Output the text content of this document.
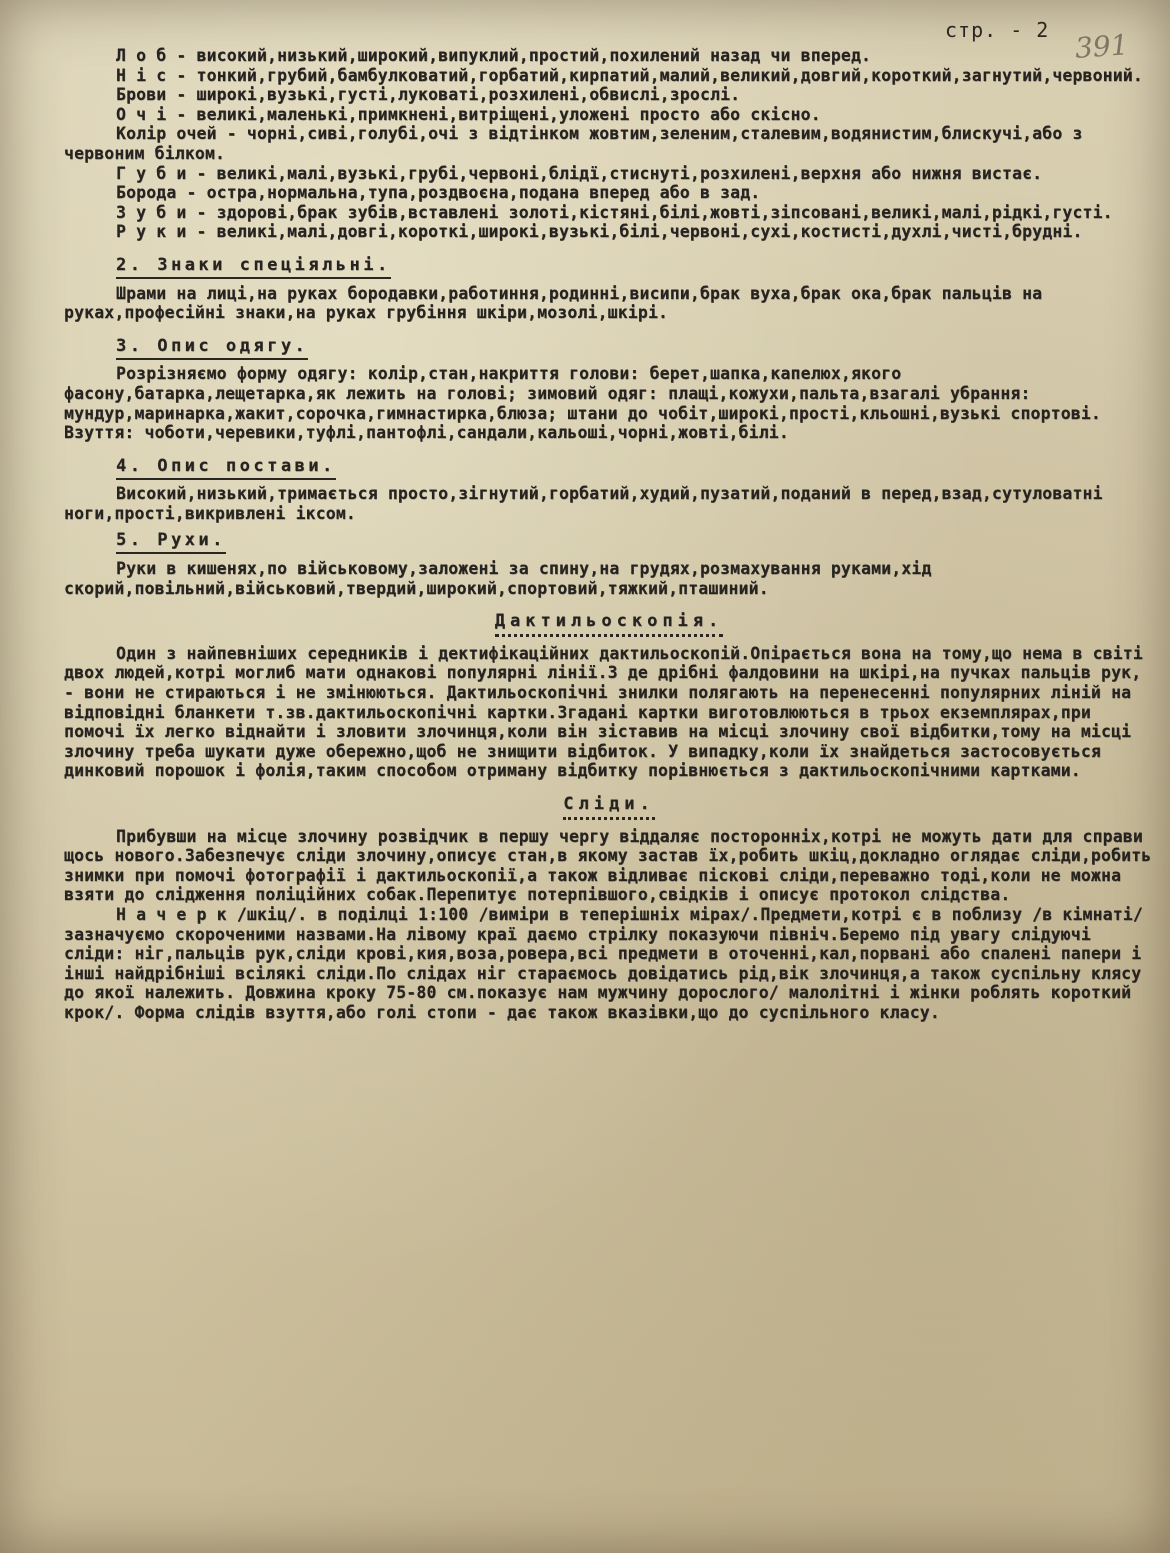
стр. - 2 391

Л о б - високий,низький,широкий,випуклий,простий,похилений назад чи вперед.

Н і с - тонкий,грубий,бамбулковатий,горбатий,кирпатий,малий,великий,довгий,короткий,загнутий,червоний.

Брови - широкі,вузькі,густі,луковаті,розхилені,обвислі,зрослі.

О ч і - великі,маленькі,примкнені,витріщені,уложені просто або скісно.

Колір очей - чорні,сиві,голубі,очі з відтінком жовтим,зеленим,сталевим,водянистим,блискучі,або з червоним білком.

Г у б и - великі,малі,вузькі,грубі,червоні,блідї,стиснуті,розхилені,верхня або нижня вистає.

Борода - остра,нормальна,тупа,роздвоєна,подана вперед або в зад.

З у б и - здорові,брак зубів,вставлені золоті,кістяні,білі,жовті,зіпсовані,великі,малі,рідкі,густі.

Р у к и - великі,малі,довгі,короткі,широкі,вузькі,білі,червоні,сухі,костисті,духлі,чисті,брудні.

2. Знаки спеціяльні.

Шрами на лиці,на руках бородавки,работиння,родинні,висипи,брак вуха,брак ока,брак пальців на руках,професійні знаки,на руках грубіння шкіри,мозолі,шкірі.

3. Опис одягу.

Розрізняємо форму одягу: колір,стан,накриття голови: берет,шапка,капелюх,якого фасону,батарка,лещетарка,як лежить на голові; зимовий одяг: плащі,кожухи,пальта,взагалі убрання: мундур,маринарка,жакит,сорочка,гимнастирка,блюза; штани до чобіт,широкі,прості,кльошні,вузькі спортові. Взуття: чоботи,черевики,туфлі,пантофлі,сандали,кальоші,чорні,жовті,білі.

4. Опис постави.

Високий,низький,тримається просто,зігнутий,горбатий,худий,пузатий,поданий в перед,взад,сутуловатні ноги,прості,викривлені іксом.

5. Рухи.

Руки в кишенях,по військовому,заложені за спину,на грудях,розмахування руками,хід скорий,повільний,військовий,твердий,широкий,спортовий,тяжкий,пташиний.

Дактильоскопія.

Один з найпевніших середників і дектифікаційних дактильоскопій.Опірається вона на тому,що нема в світі двох людей,котрі моглиб мати однакові популярні лінії.З де дрібні фалдовини на шкірі,на пучках пальців рук, - вони не стираються і не змінюються. Дактильоскопічні знилки полягають на перенесенні популярних ліній на відповідні бланкети т.зв.дактильоскопічні картки.Згадані картки виготовлюються в трьох екземплярах,при помочі їх легко віднайти і зловити злочинця,коли він зіставив на місці злочину свої відбитки,тому на місці злочину треба шукати дуже обережно,щоб не знищити відбиток. У випадку,коли їх знайдеться застосовується динковий порошок і фолія,таким способом отриману відбитку порівнюється з дактильоскопічними картками.

Сліди.

Прибувши на місце злочину розвідчик в першу чергу віддаляє посторонніх,котрі не можуть дати для справи щось нового.Забезпечує сліди злочину,описує стан,в якому застав їх,робить шкіц,докладно оглядає сліди,робить знимки при помочі фотографії і дактильоскопії,а також відливає піскові сліди,переважно тоді,коли не можна взяти до слідження поліційних собак.Перепитує потерпівшого,свідків і описує протокол слідства.

Н а ч е р к /шкіц/. в поділці 1:100 /виміри в теперішніх мірах/.Предмети,котрі є в поблизу /в кімнаті/ зазначуємо скороченими назвами.На лівому краї даємо стрілку показуючи північ.Беремо під увагу слідуючі сліди: ніг,пальців рук,сліди крові,кия,воза,ровера,всі предмети в оточенні,кал,порвані або спалені папери і інші найдрібніші всілякі сліди.По слідах ніг стараємось довідатись рід,вік злочинця,а також суспільну клясу до якої належить. Довжина кроку 75-80 см.показує нам мужчину дорослого/ малолітні і жінки роблять короткий крок/. Форма слідів взуття,або голі стопи - дає також вказівки,що до суспільного класу.
